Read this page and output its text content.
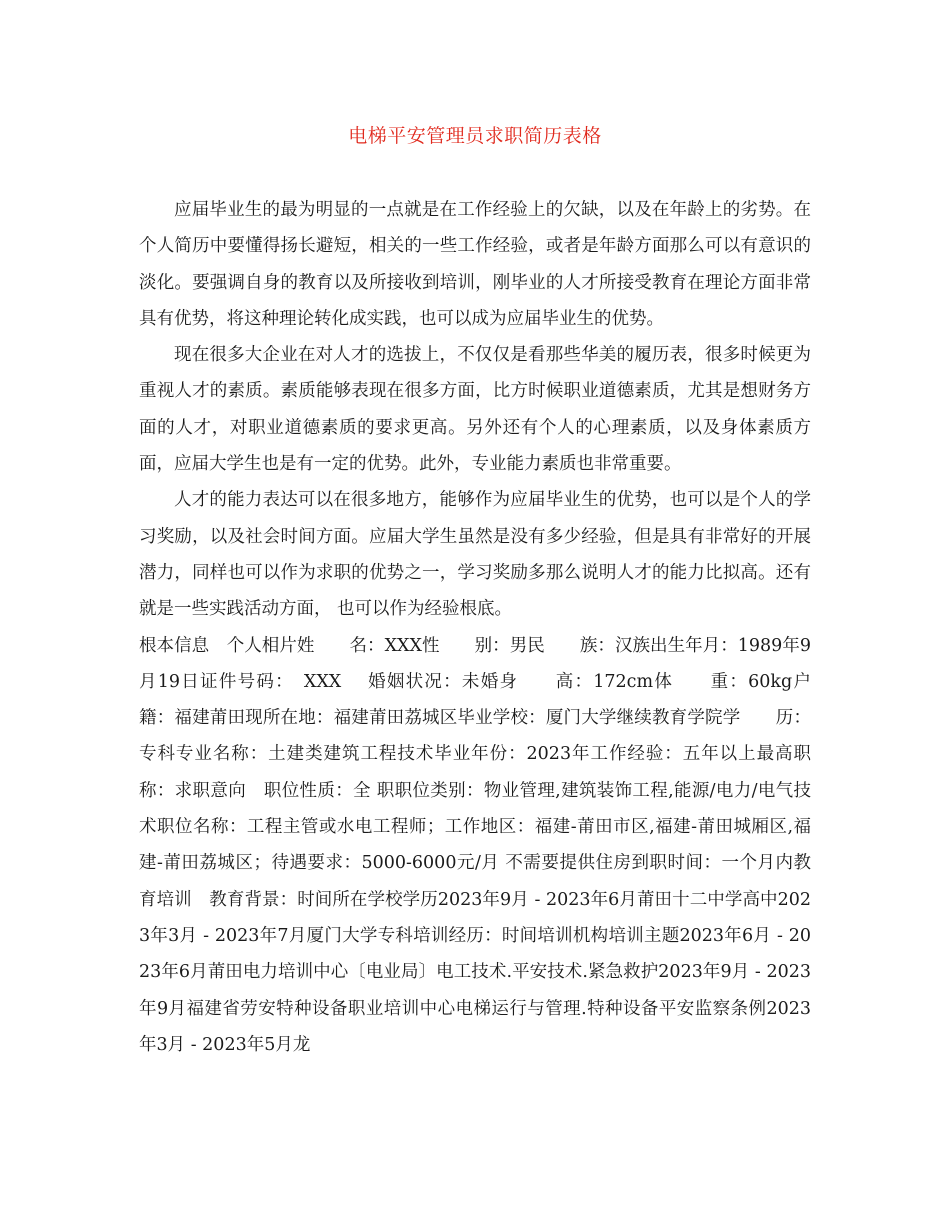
电梯平安管理员求职简历表格

应届毕业生的最为明显的一点就是在工作经验上的欠缺，以及在年龄上的劣势。在个人简历中要懂得扬长避短，相关的一些工作经验，或者是年龄方面那么可以有意识的淡化。要强调自身的教育以及所接收到培训，刚毕业的人才所接受教育在理论方面非常具有优势，将这种理论转化成实践，也可以成为应届毕业生的优势。

现在很多大企业在对人才的选拔上，不仅仅是看那些华美的履历表，很多时候更为重视人才的素质。素质能够表现在很多方面，比方时候职业道德素质，尤其是想财务方面的人才，对职业道德素质的要求更高。另外还有个人的心理素质，以及身体素质方面，应届大学生也是有一定的优势。此外，专业能力素质也非常重要。

人才的能力表达可以在很多地方，能够作为应届毕业生的优势，也可以是个人的学习奖励，以及社会时间方面。应届大学生虽然是没有多少经验，但是具有非常好的开展潜力，同样也可以作为求职的优势之一，学习奖励多那么说明人才的能力比拟高。还有就是一些实践活动方面， 也可以作为经验根底。

根本信息　个人相片姓　　名：XXX性　　别：男民　　族：汉族出生年月：1989年9月19日证件号码：　XXX　 婚姻状况：未婚身　　高：172cm体　　重：60kg户　　籍：福建莆田现所在地：福建莆田荔城区毕业学校：厦门大学继续教育学院学　　历：专科专业名称：土建类建筑工程技术毕业年份：2023年工作经验：五年以上最高职称：求职意向　职位性质：全 职职位类别：物业管理,建筑装饰工程,能源/电力/电气技术职位名称：工程主管或水电工程师；工作地区：福建-莆田市区,福建-莆田城厢区,福建-莆田荔城区；待遇要求：5000-6000元/月 不需要提供住房到职时间：一个月内教育培训　教育背景：时间所在学校学历2023年9月 - 2023年6月莆田十二中学高中2023年3月 - 2023年7月厦门大学专科培训经历：时间培训机构培训主题2023年6月 - 2023年6月莆田电力培训中心〔电业局〕电工技术.平安技术.紧急救护2023年9月 - 2023年9月福建省劳安特种设备职业培训中心电梯运行与管理.特种设备平安监察条例2023年3月 - 2023年5月龙
